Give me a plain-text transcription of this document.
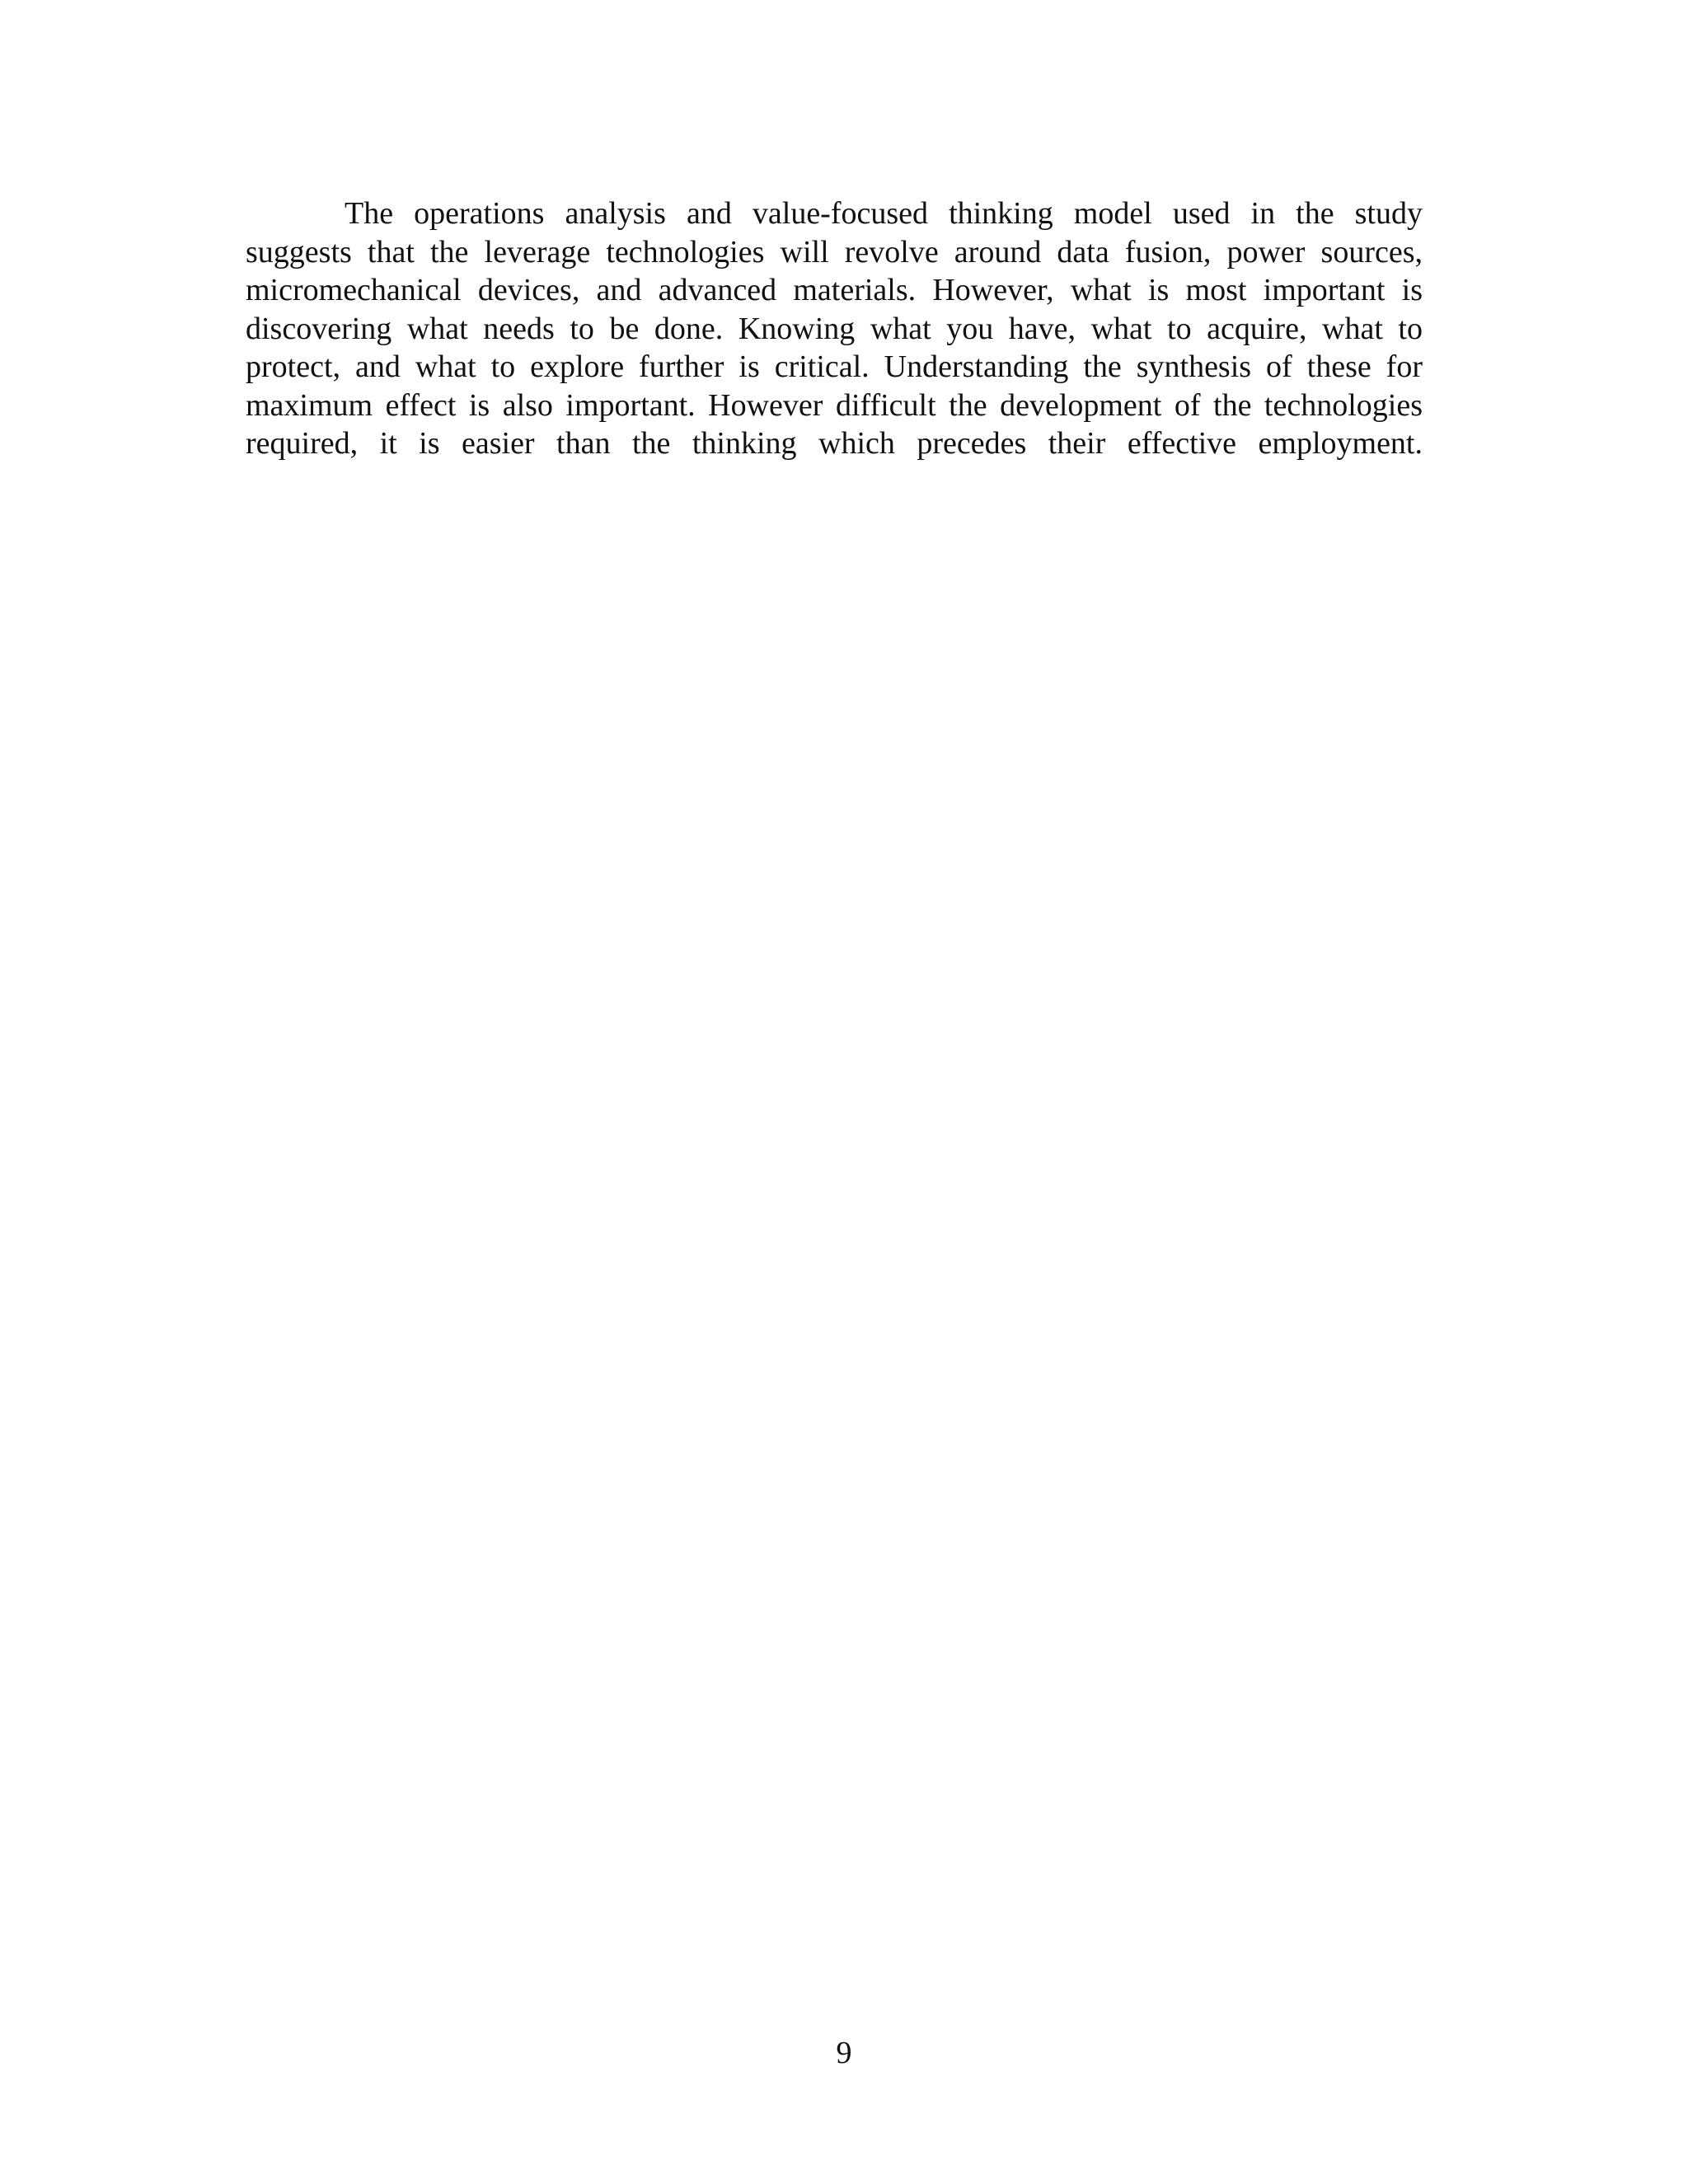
The operations analysis and value-focused thinking model used in the study
suggests that the leverage technologies will revolve around data fusion, power sources,
micromechanical devices, and advanced materials. However, what is most important is
discovering what needs to be done. Knowing what you have, what to acquire, what to
protect, and what to explore further is critical. Understanding the synthesis of these for
maximum effect is also important. However difficult the development of the technologies
required, it is easier than the thinking which precedes their effective employment.

9
